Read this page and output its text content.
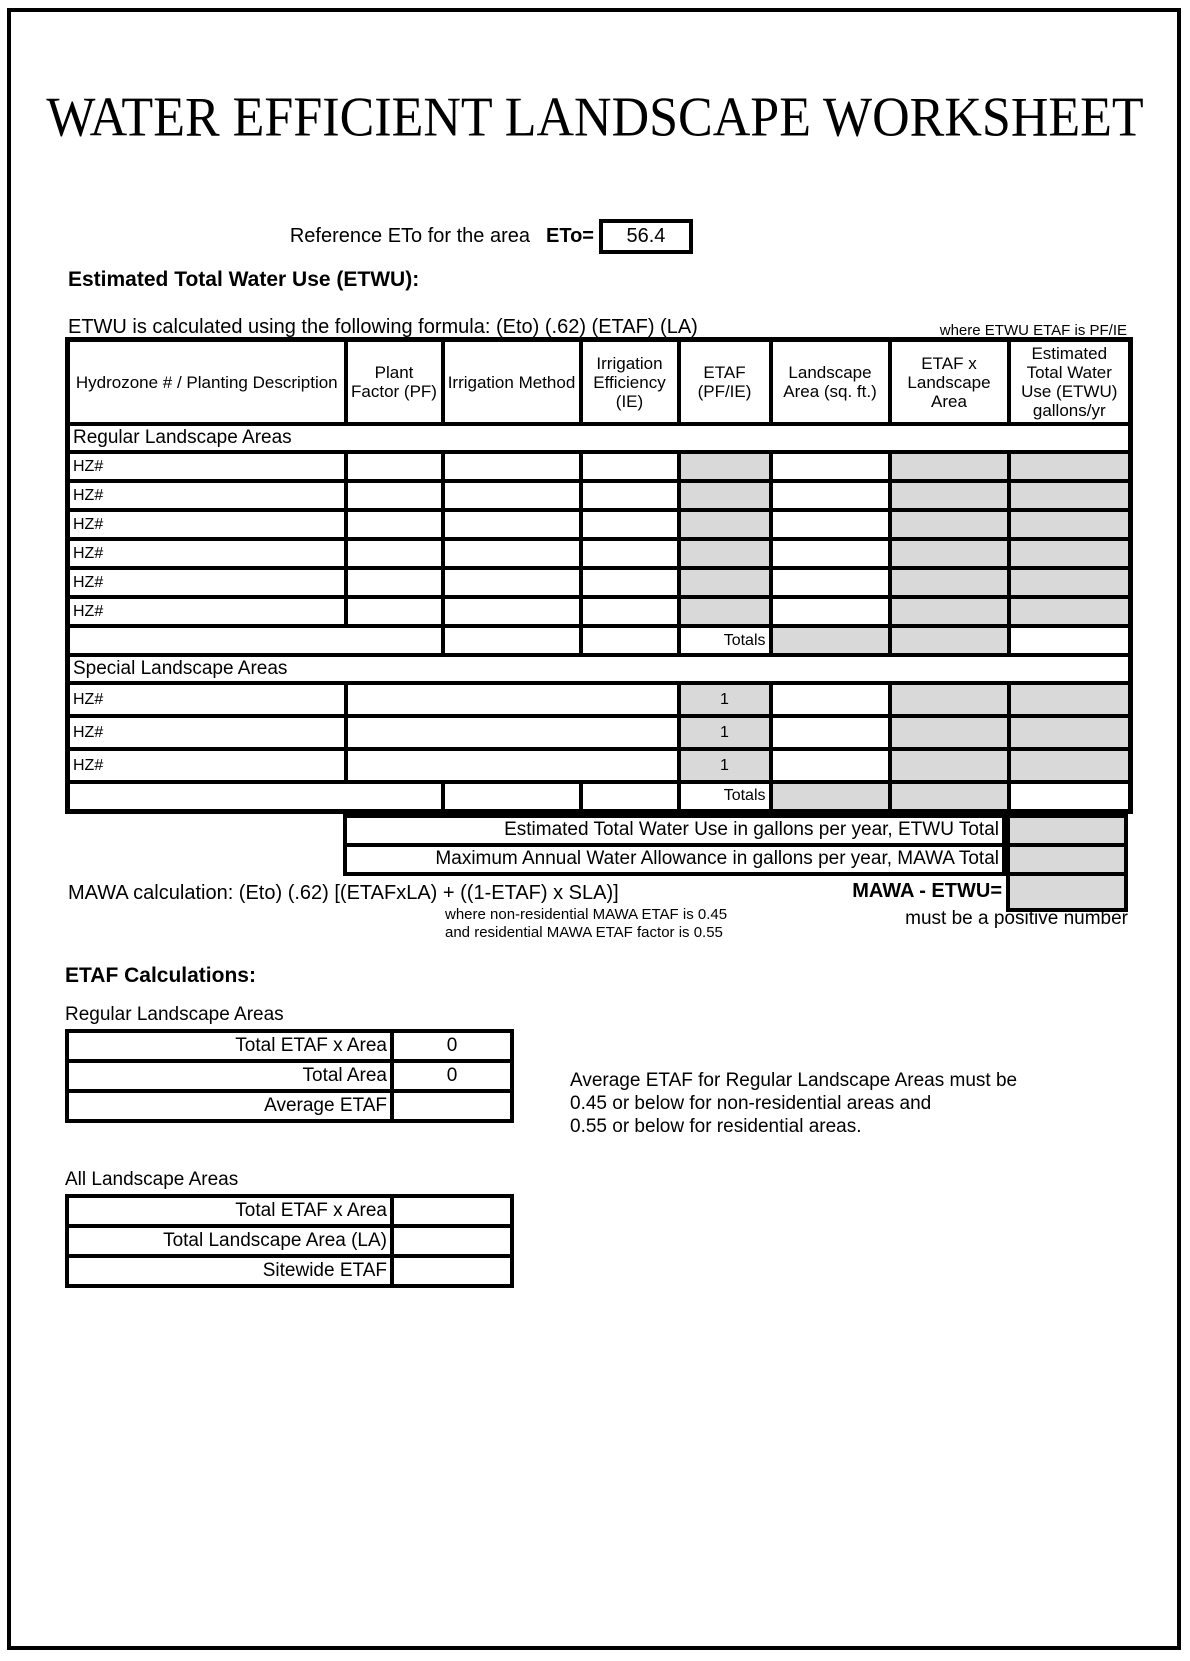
WATER EFFICIENT LANDSCAPE WORKSHEET
Reference ETo for the area ETo=	56.4
Estimated Total Water Use (ETWU):
ETWU is calculated using the following formula: (Eto) (.62) (ETAF) (LA)	where ETWU ETAF is PF/IE
Hydrozone # / Planting Description	Plant Factor (PF)	Irrigation Method	Irrigation Efficiency (IE)	ETAF (PF/IE)	Landscape Area (sq. ft.)	ETAF x Landscape Area	Estimated Total Water Use (ETWU) gallons/yr
Regular Landscape Areas							
HZ#							
HZ#							
HZ#							
HZ#							
HZ#							
HZ#							
				Totals			
Special Landscape Areas							
HZ#				1			
HZ#				1			
HZ#				1			
				Totals			
Estimated Total Water Use in gallons per year, ETWU Total
Maximum Annual Water Allowance in gallons per year, MAWA Total
MAWA calculation: (Eto) (.62) [(ETAFxLA) + ((1-ETAF) x SLA)]	MAWA - ETWU=
where non-residential MAWA ETAF is 0.45
and residential MAWA ETAF factor is 0.55
must be a positive number
ETAF Calculations:
Regular Landscape Areas
Total ETAF x Area	0
Total Area	0
Average ETAF	
Average ETAF for Regular Landscape Areas must be
0.45 or below for non-residential areas and
0.55 or below for residential areas.
All Landscape Areas
Total ETAF x Area	
Total Landscape Area (LA)	
Sitewide ETAF	
